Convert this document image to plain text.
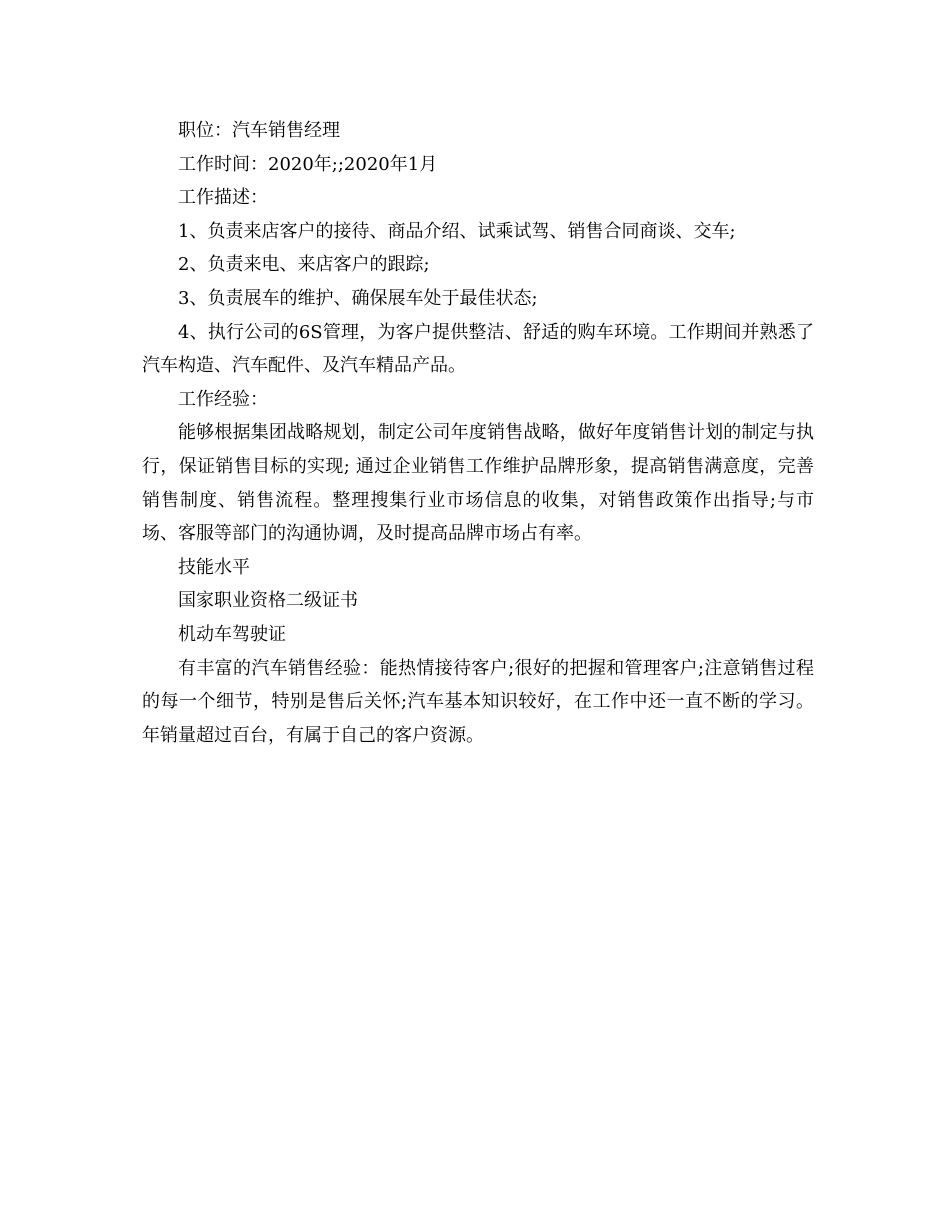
职位：汽车销售经理

工作时间：2020年;;2020年1月

工作描述：

1、负责来店客户的接待、商品介绍、试乘试驾、销售合同商谈、交车;

2、负责来电、来店客户的跟踪;

3、负责展车的维护、确保展车处于最佳状态;

4、执行公司的6S管理，为客户提供整洁、舒适的购车环境。工作期间并熟悉了汽车构造、汽车配件、及汽车精品产品。

工作经验：

能够根据集团战略规划，制定公司年度销售战略，做好年度销售计划的制定与执行，保证销售目标的实现; 通过企业销售工作维护品牌形象，提高销售满意度，完善销售制度、销售流程。整理搜集行业市场信息的收集，对销售政策作出指导;与市场、客服等部门的沟通协调，及时提高品牌市场占有率。

技能水平

国家职业资格二级证书

机动车驾驶证

有丰富的汽车销售经验：能热情接待客户;很好的把握和管理客户;注意销售过程的每一个细节，特别是售后关怀;汽车基本知识较好，在工作中还一直不断的学习。年销量超过百台，有属于自己的客户资源。
